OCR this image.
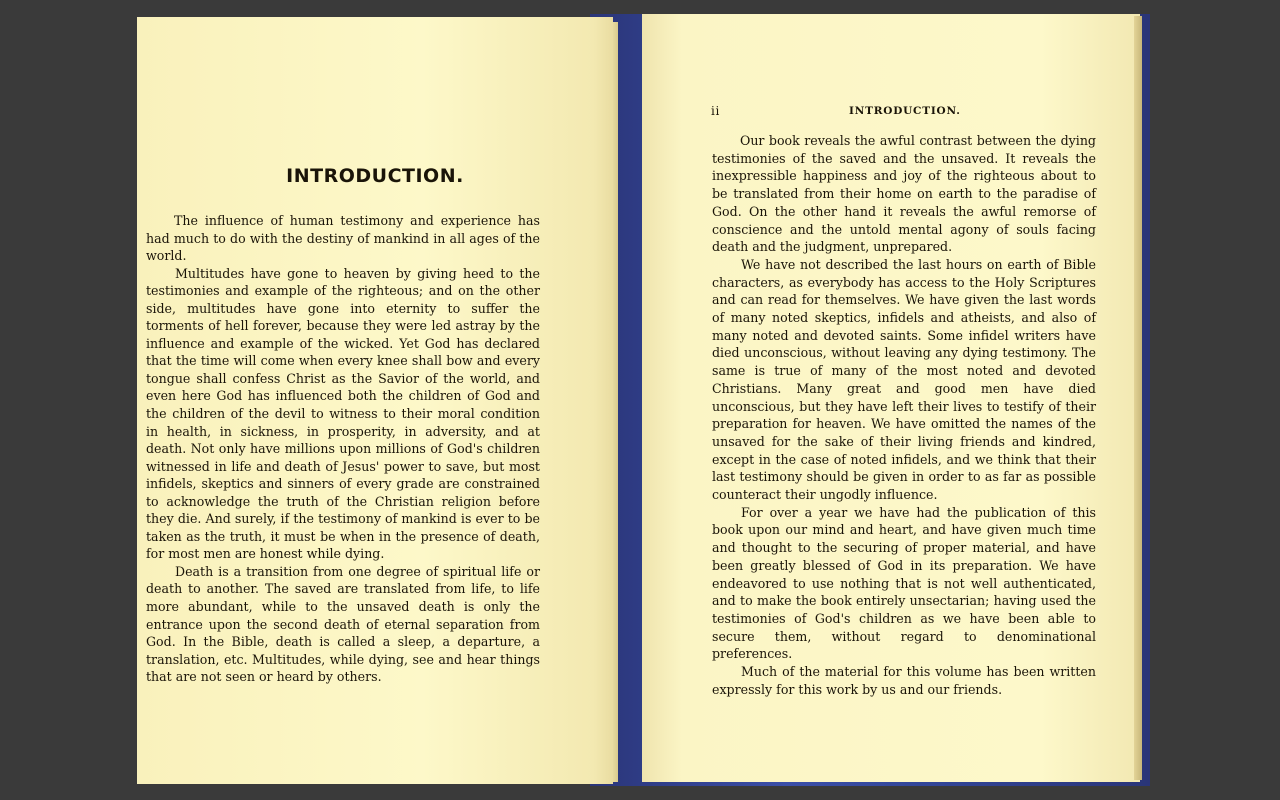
INTRODUCTION.

The influence of human testimony and experience has had much to do with the destiny of mankind in all ages of the world.

Multitudes have gone to heaven by giving heed to the testimonies and example of the righteous; and on the other side, multitudes have gone into eternity to suffer the torments of hell forever, because they were led astray by the influence and example of the wicked. Yet God has declared that the time will come when every knee shall bow and every tongue shall confess Christ as the Savior of the world, and even here God has influenced both the children of God and the children of the devil to witness to their moral condition in health, in sickness, in prosperity, in adversity, and at death. Not only have millions upon millions of God's children witnessed in life and death of Jesus' power to save, but most infidels, skeptics and sinners of every grade are constrained to acknowledge the truth of the Christian religion before they die. And surely, if the testimony of mankind is ever to be taken as the truth, it must be when in the presence of death, for most men are honest while dying.

Death is a transition from one degree of spiritual life or death to another. The saved are translated from life, to life more abundant, while to the unsaved death is only the entrance upon the second death of eternal separation from God. In the Bible, death is called a sleep, a departure, a translation, etc. Multitudes, while dying, see and hear things that are not seen or heard by others.

ii	INTRODUCTION.

Our book reveals the awful contrast between the dying testimonies of the saved and the unsaved. It reveals the inexpressible happiness and joy of the righteous about to be translated from their home on earth to the paradise of God. On the other hand it reveals the awful remorse of conscience and the untold mental agony of souls facing death and the judgment, unprepared.

We have not described the last hours on earth of Bible characters, as everybody has access to the Holy Scriptures and can read for themselves. We have given the last words of many noted skeptics, infidels and atheists, and also of many noted and devoted saints. Some infidel writers have died unconscious, without leaving any dying testimony. The same is true of many of the most noted and devoted Christians. Many great and good men have died unconscious, but they have left their lives to testify of their preparation for heaven. We have omitted the names of the unsaved for the sake of their living friends and kindred, except in the case of noted infidels, and we think that their last testimony should be given in order to as far as possible counteract their ungodly influence.

For over a year we have had the publication of this book upon our mind and heart, and have given much time and thought to the securing of proper material, and have been greatly blessed of God in its preparation. We have endeavored to use nothing that is not well authenticated, and to make the book entirely unsectarian; having used the testimonies of God's children as we have been able to secure them, without regard to denominational preferences.

Much of the material for this volume has been written expressly for this work by us and our friends.
